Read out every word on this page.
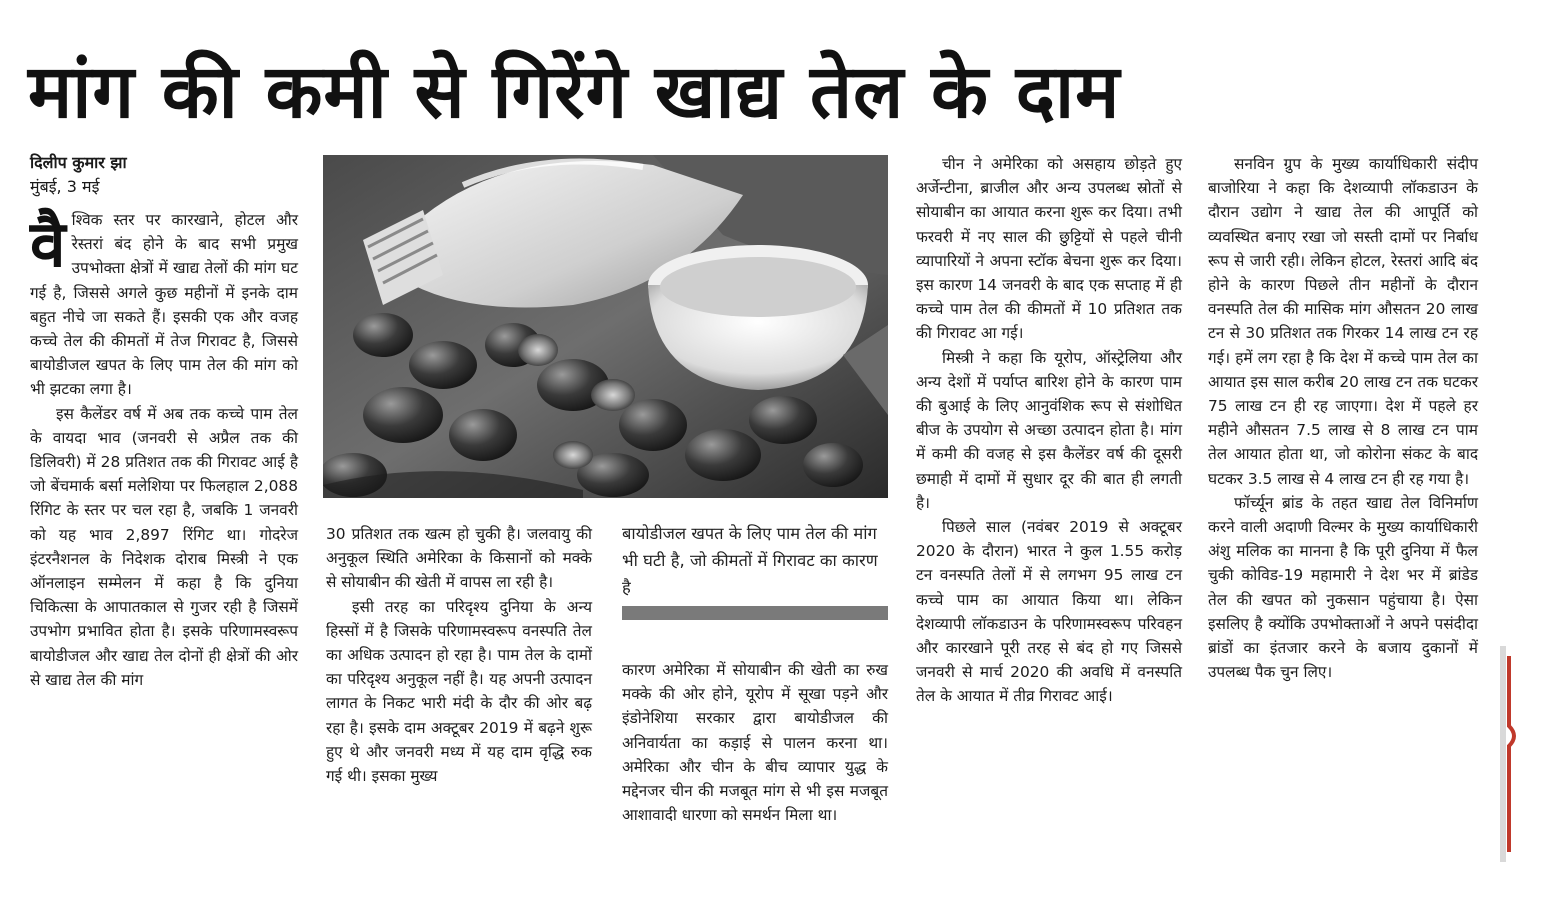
मांग की कमी से गिरेंगे खाद्य तेल के दाम
दिलीप कुमार झा
मुंबई, 3 मई
वै श्विक स्तर पर कारखाने, होटल और रेस्तरां बंद होने के बाद सभी प्रमुख उपभोक्ता क्षेत्रों में खाद्य तेलों की मांग घट गई है, जिससे अगले कुछ महीनों में इनके दाम बहुत नीचे जा सकते हैं। इसकी एक और वजह कच्चे तेल की कीमतों में तेज गिरावट है, जिससे बायोडीजल खपत के लिए पाम तेल की मांग को भी झटका लगा है।

इस कैलेंडर वर्ष में अब तक कच्चे पाम तेल के वायदा भाव (जनवरी से अप्रैल तक की डिलिवरी) में 28 प्रतिशत तक की गिरावट आई है जो बेंचमार्क बर्सा मलेशिया पर फिलहाल 2,088 रिंगिट के स्तर पर चल रहा है, जबकि 1 जनवरी को यह भाव 2,897 रिंगिट था। गोदरेज इंटरनैशनल के निदेशक दोराब मिस्त्री ने एक ऑनलाइन सम्मेलन में कहा है कि दुनिया चिकित्सा के आपातकाल से गुजर रही है जिसमें उपभोग प्रभावित होता है। इसके परिणामस्वरूप बायोडीजल और खाद्य तेल दोनों ही क्षेत्रों की ओर से खाद्य तेल की मांग

30 प्रतिशत तक खत्म हो चुकी है। जलवायु की अनुकूल स्थिति अमेरिका के किसानों को मक्के से सोयाबीन की खेती में वापस ला रही है।

इसी तरह का परिदृश्य दुनिया के अन्य हिस्सों में है जिसके परिणामस्वरूप वनस्पति तेल का अधिक उत्पादन हो रहा है। पाम तेल के दामों का परिदृश्य अनुकूल नहीं है। यह अपनी उत्पादन लागत के निकट भारी मंदी के दौर की ओर बढ़ रहा है। इसके दाम अक्टूबर 2019 में बढ़ने शुरू हुए थे और जनवरी मध्य में यह दाम वृद्धि रुक गई थी। इसका मुख्य

बायोडीजल खपत के लिए पाम तेल की मांग भी घटी है, जो कीमतों में गिरावट का कारण है

कारण अमेरिका में सोयाबीन की खेती का रुख मक्के की ओर होने, यूरोप में सूखा पड़ने और इंडोनेशिया सरकार द्वारा बायोडीजल की अनिवार्यता का कड़ाई से पालन करना था। अमेरिका और चीन के बीच व्यापार युद्ध के मद्देनजर चीन की मजबूत मांग से भी इस मजबूत आशावादी धारणा को समर्थन मिला था।

चीन ने अमेरिका को असहाय छोड़ते हुए अर्जेन्टीना, ब्राजील और अन्य उपलब्ध स्रोतों से सोयाबीन का आयात करना शुरू कर दिया। तभी फरवरी में नए साल की छुट्टियों से पहले चीनी व्यापारियों ने अपना स्टॉक बेचना शुरू कर दिया। इस कारण 14 जनवरी के बाद एक सप्ताह में ही कच्चे पाम तेल की कीमतों में 10 प्रतिशत तक की गिरावट आ गई।

मिस्त्री ने कहा कि यूरोप, ऑस्ट्रेलिया और अन्य देशों में पर्याप्त बारिश होने के कारण पाम की बुआई के लिए आनुवंशिक रूप से संशोधित बीज के उपयोग से अच्छा उत्पादन होता है। मांग में कमी की वजह से इस कैलेंडर वर्ष की दूसरी छमाही में दामों में सुधार दूर की बात ही लगती है।

पिछले साल (नवंबर 2019 से अक्टूबर 2020 के दौरान) भारत ने कुल 1.55 करोड़ टन वनस्पति तेलों में से लगभग 95 लाख टन कच्चे पाम का आयात किया था। लेकिन देशव्यापी लॉकडाउन के परिणामस्वरूप परिवहन और कारखाने पूरी तरह से बंद हो गए जिससे जनवरी से मार्च 2020 की अवधि में वनस्पति तेल के आयात में तीव्र गिरावट आई।

सनविन ग्रुप के मुख्य कार्याधिकारी संदीप बाजोरिया ने कहा कि देशव्यापी लॉकडाउन के दौरान उद्योग ने खाद्य तेल की आपूर्ति को व्यवस्थित बनाए रखा जो सस्ती दामों पर निर्बाध रूप से जारी रही। लेकिन होटल, रेस्तरां आदि बंद होने के कारण पिछले तीन महीनों के दौरान वनस्पति तेल की मासिक मांग औसतन 20 लाख टन से 30 प्रतिशत तक गिरकर 14 लाख टन रह गई। हमें लग रहा है कि देश में कच्चे पाम तेल का आयात इस साल करीब 20 लाख टन तक घटकर 75 लाख टन ही रह जाएगा। देश में पहले हर महीने औसतन 7.5 लाख से 8 लाख टन पाम तेल आयात होता था, जो कोरोना संकट के बाद घटकर 3.5 लाख से 4 लाख टन ही रह गया है।

फॉर्च्यून ब्रांड के तहत खाद्य तेल विनिर्माण करने वाली अदाणी विल्मर के मुख्य कार्याधिकारी अंशु मलिक का मानना है कि पूरी दुनिया में फैल चुकी कोविड-19 महामारी ने देश भर में ब्रांडेड तेल की खपत को नुकसान पहुंचाया है। ऐसा इसलिए है क्योंकि उपभोक्ताओं ने अपने पसंदीदा ब्रांडों का इंतजार करने के बजाय दुकानों में उपलब्ध पैक चुन लिए।
